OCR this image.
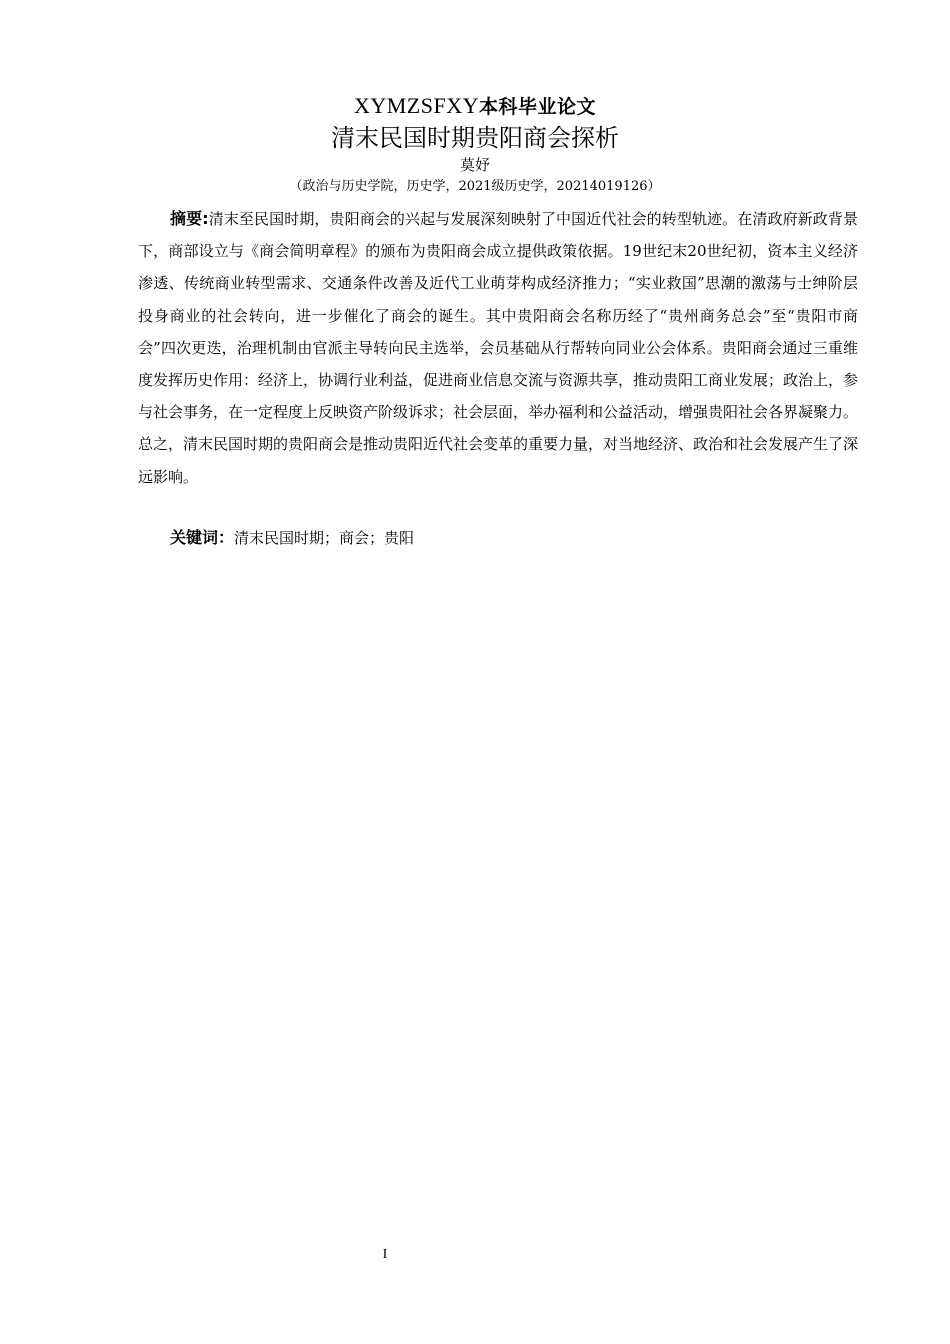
XYMZSFXY本科毕业论文
清末民国时期贵阳商会探析
莫妤
（政治与历史学院，历史学，2021级历史学，20214019126）

摘要:清末至民国时期，贵阳商会的兴起与发展深刻映射了中国近代社会的转型轨迹。在清政府新政背景下，商部设立与《商会简明章程》的颁布为贵阳商会成立提供政策依据。19世纪末20世纪初，资本主义经济渗透、传统商业转型需求、交通条件改善及近代工业萌芽构成经济推力；“实业救国”思潮的激荡与士绅阶层投身商业的社会转向，进一步催化了商会的诞生。其中贵阳商会名称历经了“贵州商务总会”至“贵阳市商会”四次更迭，治理机制由官派主导转向民主选举，会员基础从行帮转向同业公会体系。贵阳商会通过三重维度发挥历史作用：经济上，协调行业利益，促进商业信息交流与资源共享，推动贵阳工商业发展；政治上，参与社会事务，在一定程度上反映资产阶级诉求；社会层面，举办福利和公益活动，增强贵阳社会各界凝聚力。总之，清末民国时期的贵阳商会是推动贵阳近代社会变革的重要力量，对当地经济、政治和社会发展产生了深远影响。

关键词：清末民国时期；商会；贵阳

I
